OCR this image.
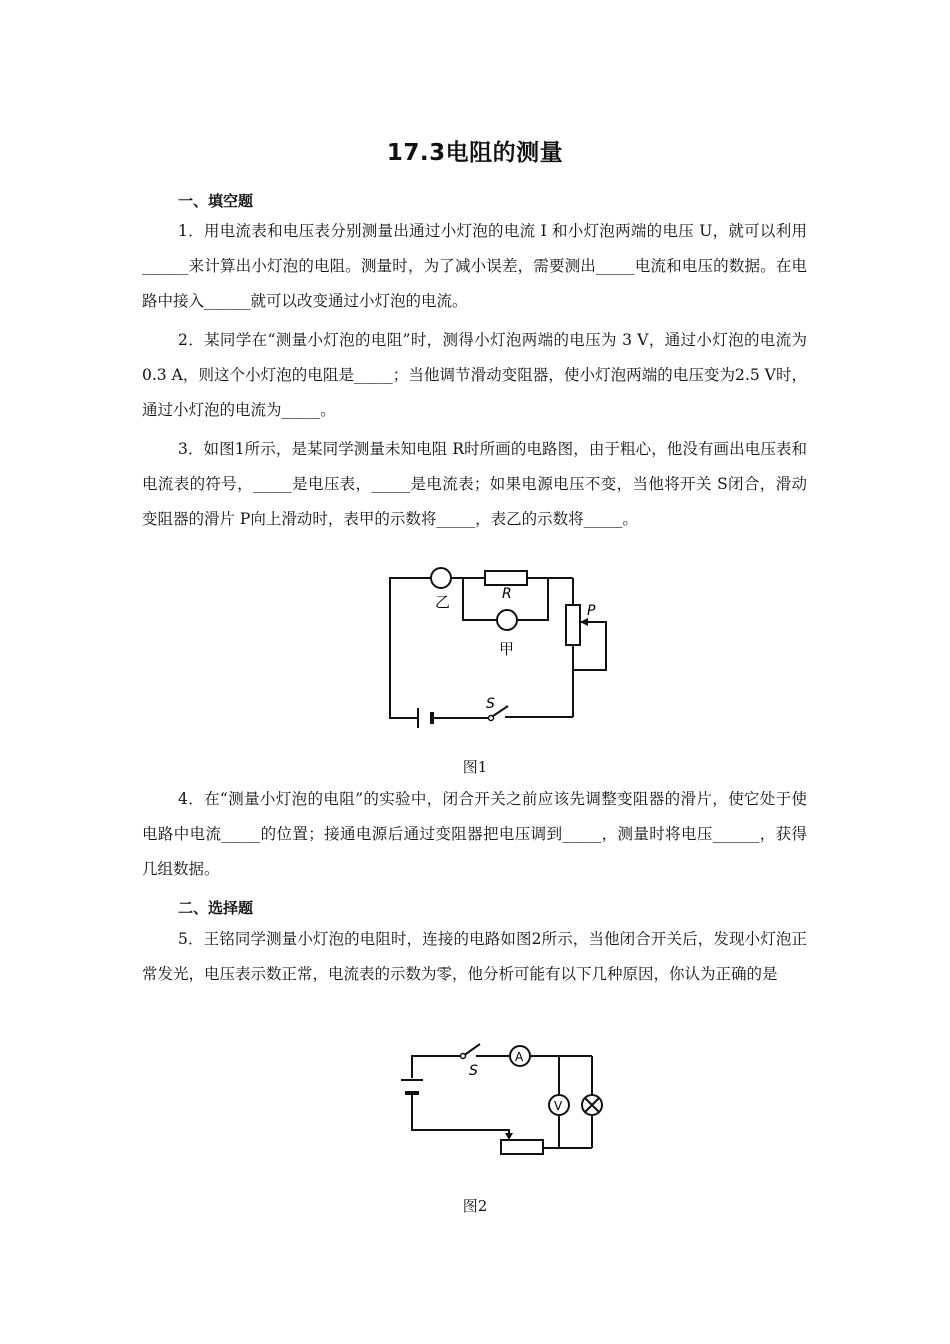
17.3电阻的测量
一、填空题
1．用电流表和电压表分别测量出通过小灯泡的电流 I 和小灯泡两端的电压 U，就可以利用______来计算出小灯泡的电阻。测量时，为了减小误差，需要测出_____电流和电压的数据。在电路中接入______就可以改变通过小灯泡的电流。
2．某同学在“测量小灯泡的电阻”时，测得小灯泡两端的电压为 3 V，通过小灯泡的电流为0.3 A，则这个小灯泡的电阻是_____；当他调节滑动变阻器，使小灯泡两端的电压变为2.5 V时，通过小灯泡的电流为_____。
3．如图1所示，是某同学测量未知电阻 R时所画的电路图，由于粗心，他没有画出电压表和电流表的符号，_____是电压表，_____是电流表；如果电源电压不变，当他将开关 S闭合，滑动变阻器的滑片 P向上滑动时，表甲的示数将_____，表乙的示数将_____。
乙	R
甲
P
S
图1
4．在“测量小灯泡的电阻”的实验中，闭合开关之前应该先调整变阻器的滑片，使它处于使电路中电流_____的位置；接通电源后通过变阻器把电压调到_____，测量时将电压______，获得几组数据。
二、选择题
5．王铭同学测量小灯泡的电阻时，连接的电路如图2所示，当他闭合开关后，发现小灯泡正常发光，电压表示数正常，电流表的示数为零，他分析可能有以下几种原因，你认为正确的是
S
A
V
图2
